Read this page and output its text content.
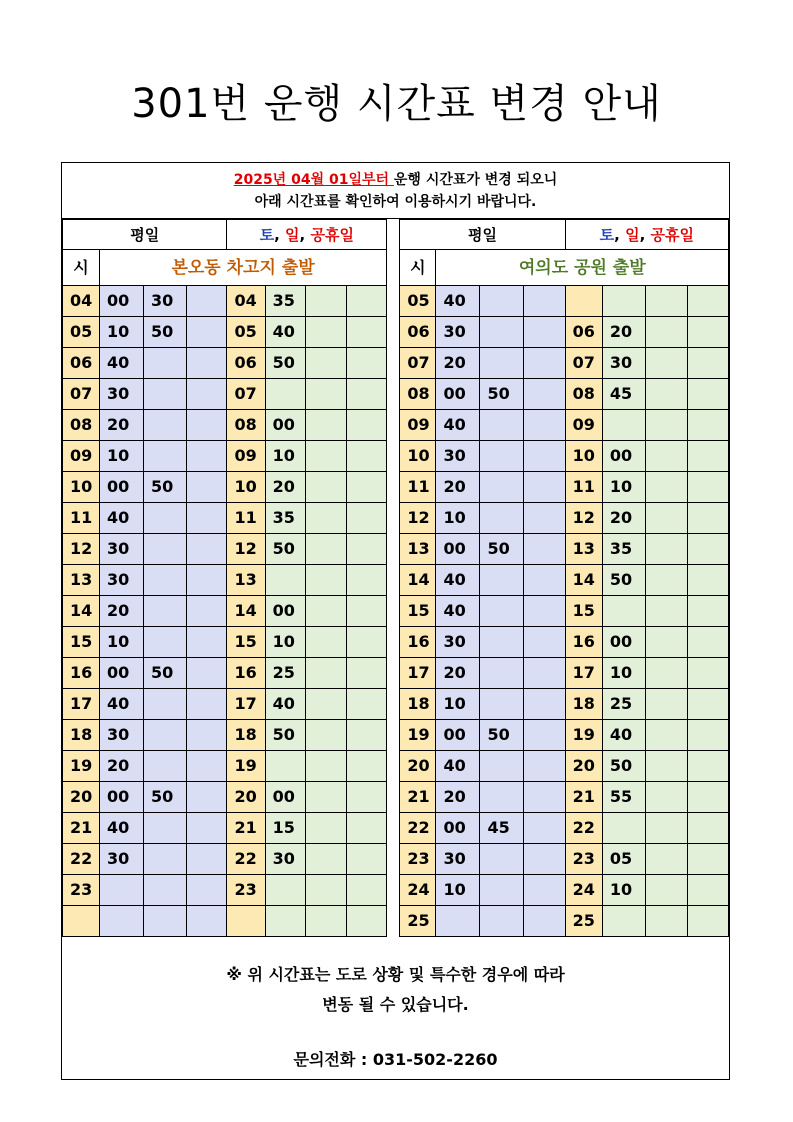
301번 운행 시간표 변경 안내
2025년 04월 01일부터 운행 시간표가 변경 되오니
아래 시간표를 확인하여 이용하시기 바랍니다.
평일				토, 일, 공휴일					평일				토, 일, 공휴일			
시	본오동 차고지 출발								시	여의도 공원 출발						
04	00	30		04	35				05	40						
05	10	50		05	40				06	30			06	20		
06	40			06	50				07	20			07	30		
07	30			07					08	00	50		08	45		
08	20			08	00				09	40			09			
09	10			09	10				10	30			10	00		
10	00	50		10	20				11	20			11	10		
11	40			11	35				12	10			12	20		
12	30			12	50				13	00	50		13	35		
13	30			13					14	40			14	50		
14	20			14	00				15	40			15			
15	10			15	10				16	30			16	00		
16	00	50		16	25				17	20			17	10		
17	40			17	40				18	10			18	25		
18	30			18	50				19	00	50		19	40		
19	20			19					20	40			20	50		
20	00	50		20	00				21	20			21	55		
21	40			21	15				22	00	45		22			
22	30			22	30				23	30			23	05		
23				23					24	10			24	10		
									25				25			
※ 위 시간표는 도로 상황 및 특수한 경우에 따라
변동 될 수 있습니다.
문의전화 : 031-502-2260
